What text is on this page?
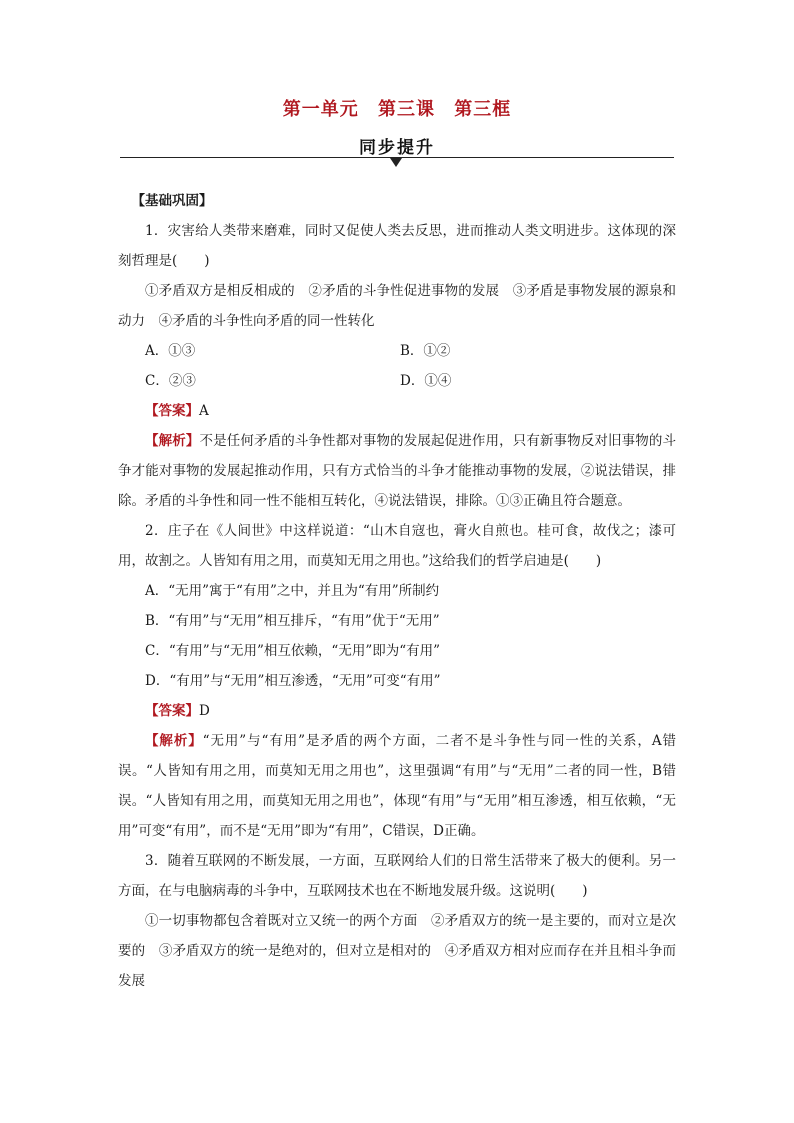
第一单元 第三课 第三框
同步提升

【基础巩固】

1．灾害给人类带来磨难，同时又促使人类去反思，进而推动人类文明进步。这体现的深刻哲理是(　　)

①矛盾双方是相反相成的　②矛盾的斗争性促进事物的发展　③矛盾是事物发展的源泉和动力　④矛盾的斗争性向矛盾的同一性转化

A．①③	B．①②
C．②③	D．①④
【答案】A

【解析】不是任何矛盾的斗争性都对事物的发展起促进作用，只有新事物反对旧事物的斗争才能对事物的发展起推动作用，只有方式恰当的斗争才能推动事物的发展，②说法错误，排除。矛盾的斗争性和同一性不能相互转化，④说法错误，排除。①③正确且符合题意。

2．庄子在《人间世》中这样说道：“山木自寇也，膏火自煎也。桂可食，故伐之；漆可用，故割之。人皆知有用之用，而莫知无用之用也。”这给我们的哲学启迪是(　　)

A．“无用”寓于“有用”之中，并且为“有用”所制约
B．“有用”与“无用”相互排斥，“有用”优于“无用”
C．“有用”与“无用”相互依赖，“无用”即为“有用”
D．“有用”与“无用”相互渗透，“无用”可变“有用”
【答案】D

【解析】“无用”与“有用”是矛盾的两个方面，二者不是斗争性与同一性的关系，A错误。“人皆知有用之用，而莫知无用之用也”，这里强调“有用”与“无用”二者的同一性，B错误。“人皆知有用之用，而莫知无用之用也”，体现“有用”与“无用”相互渗透，相互依赖，“无用”可变“有用”，而不是“无用”即为“有用”，C错误，D正确。

3．随着互联网的不断发展，一方面，互联网给人们的日常生活带来了极大的便利。另一方面，在与电脑病毒的斗争中，互联网技术也在不断地发展升级。这说明(　　)

①一切事物都包含着既对立又统一的两个方面　②矛盾双方的统一是主要的，而对立是次要的　③矛盾双方的统一是绝对的，但对立是相对的　④矛盾双方相对应而存在并且相斗争而发展
